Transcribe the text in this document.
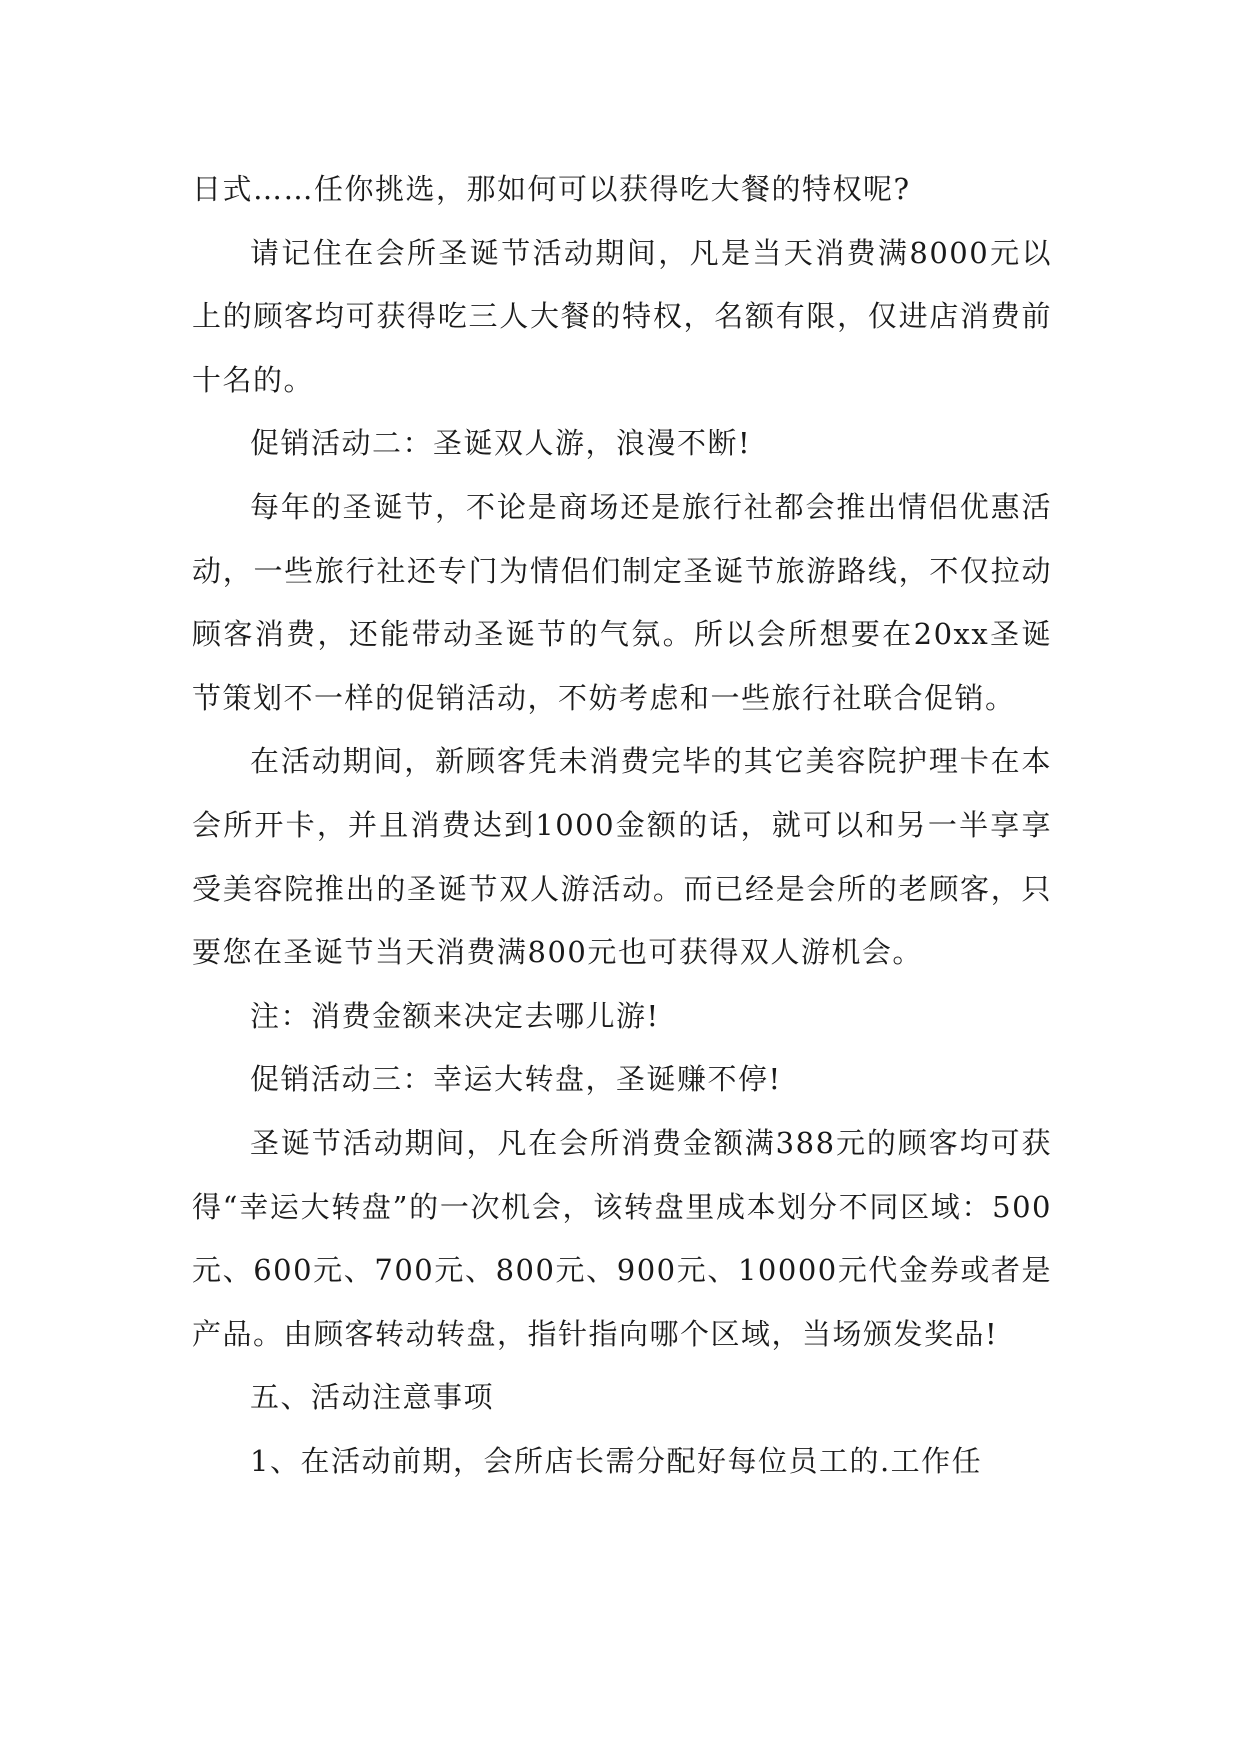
日式……任你挑选，那如何可以获得吃大餐的特权呢?

请记住在会所圣诞节活动期间，凡是当天消费满8000元以上的顾客均可获得吃三人大餐的特权，名额有限，仅进店消费前十名的。

促销活动二：圣诞双人游，浪漫不断!

每年的圣诞节，不论是商场还是旅行社都会推出情侣优惠活动，一些旅行社还专门为情侣们制定圣诞节旅游路线，不仅拉动顾客消费，还能带动圣诞节的气氛。所以会所想要在20xx圣诞节策划不一样的促销活动，不妨考虑和一些旅行社联合促销。

在活动期间，新顾客凭未消费完毕的其它美容院护理卡在本会所开卡，并且消费达到1000金额的话，就可以和另一半享享受美容院推出的圣诞节双人游活动。而已经是会所的老顾客，只要您在圣诞节当天消费满800元也可获得双人游机会。

注：消费金额来决定去哪儿游!

促销活动三：幸运大转盘，圣诞赚不停!

圣诞节活动期间，凡在会所消费金额满388元的顾客均可获得“幸运大转盘”的一次机会，该转盘里成本划分不同区域：500元、600元、700元、800元、900元、10000元代金券或者是产品。由顾客转动转盘，指针指向哪个区域，当场颁发奖品!

五、活动注意事项

1、在活动前期，会所店长需分配好每位员工的.工作任
